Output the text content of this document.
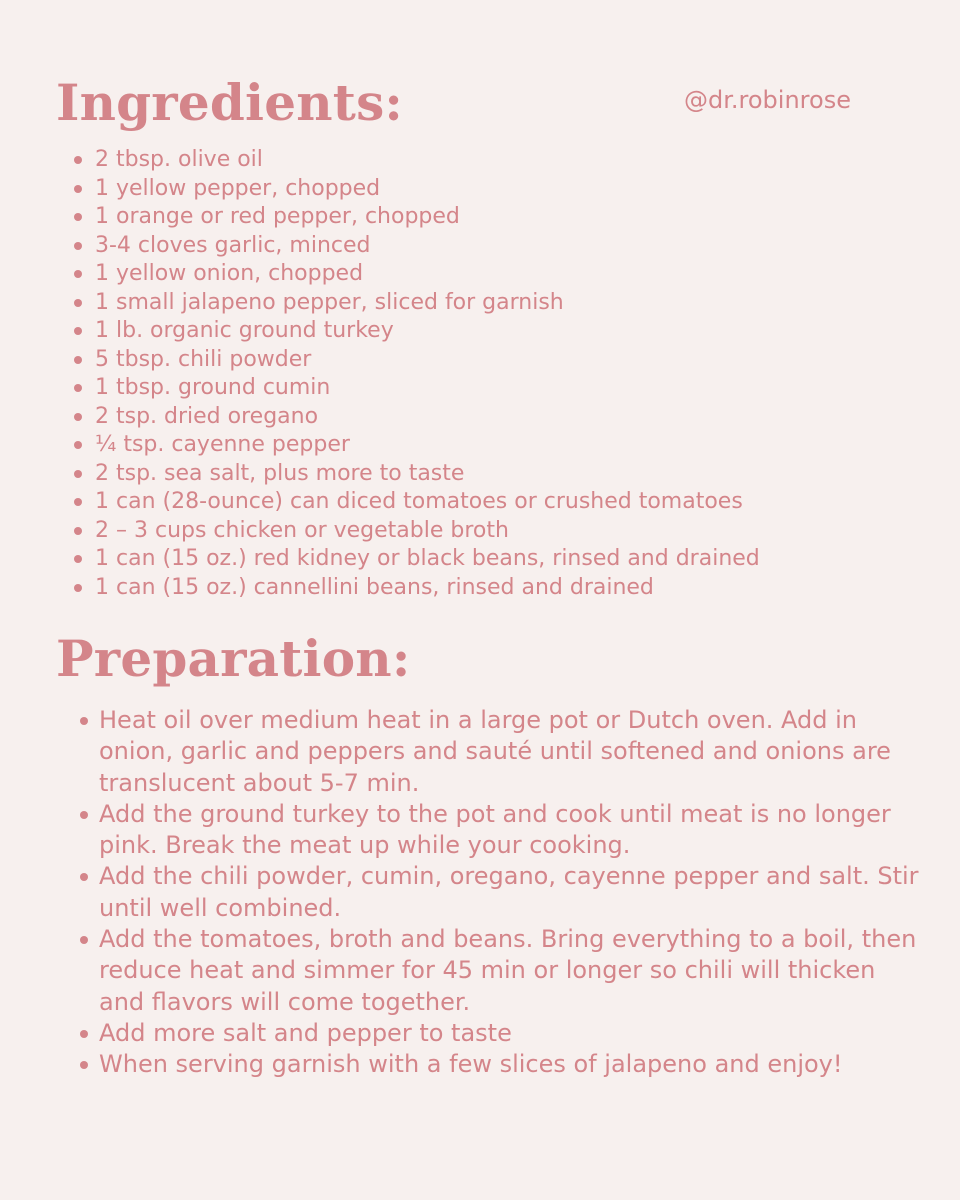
Ingredients:	@dr.robinrose
2 tbsp. olive oil
1 yellow pepper, chopped
1 orange or red pepper, chopped
3-4 cloves garlic, minced
1 yellow onion, chopped
1 small jalapeno pepper, sliced for garnish
1 lb. organic ground turkey
5 tbsp. chili powder
1 tbsp. ground cumin
2 tsp. dried oregano
¼ tsp. cayenne pepper
2 tsp. sea salt, plus more to taste
1 can (28-ounce) can diced tomatoes or crushed tomatoes
2 – 3 cups chicken or vegetable broth
1 can (15 oz.) red kidney or black beans, rinsed and drained
1 can (15 oz.) cannellini beans, rinsed and drained
Preparation:
Heat oil over medium heat in a large pot or Dutch oven. Add in onion, garlic and peppers and sauté until softened and onions are translucent about 5-7 min.
Add the ground turkey to the pot and cook until meat is no longer pink. Break the meat up while your cooking.
Add the chili powder, cumin, oregano, cayenne pepper and salt. Stir until well combined.
Add the tomatoes, broth and beans. Bring everything to a boil, then reduce heat and simmer for 45 min or longer so chili will thicken and flavors will come together.
Add more salt and pepper to taste
When serving garnish with a few slices of jalapeno and enjoy!
